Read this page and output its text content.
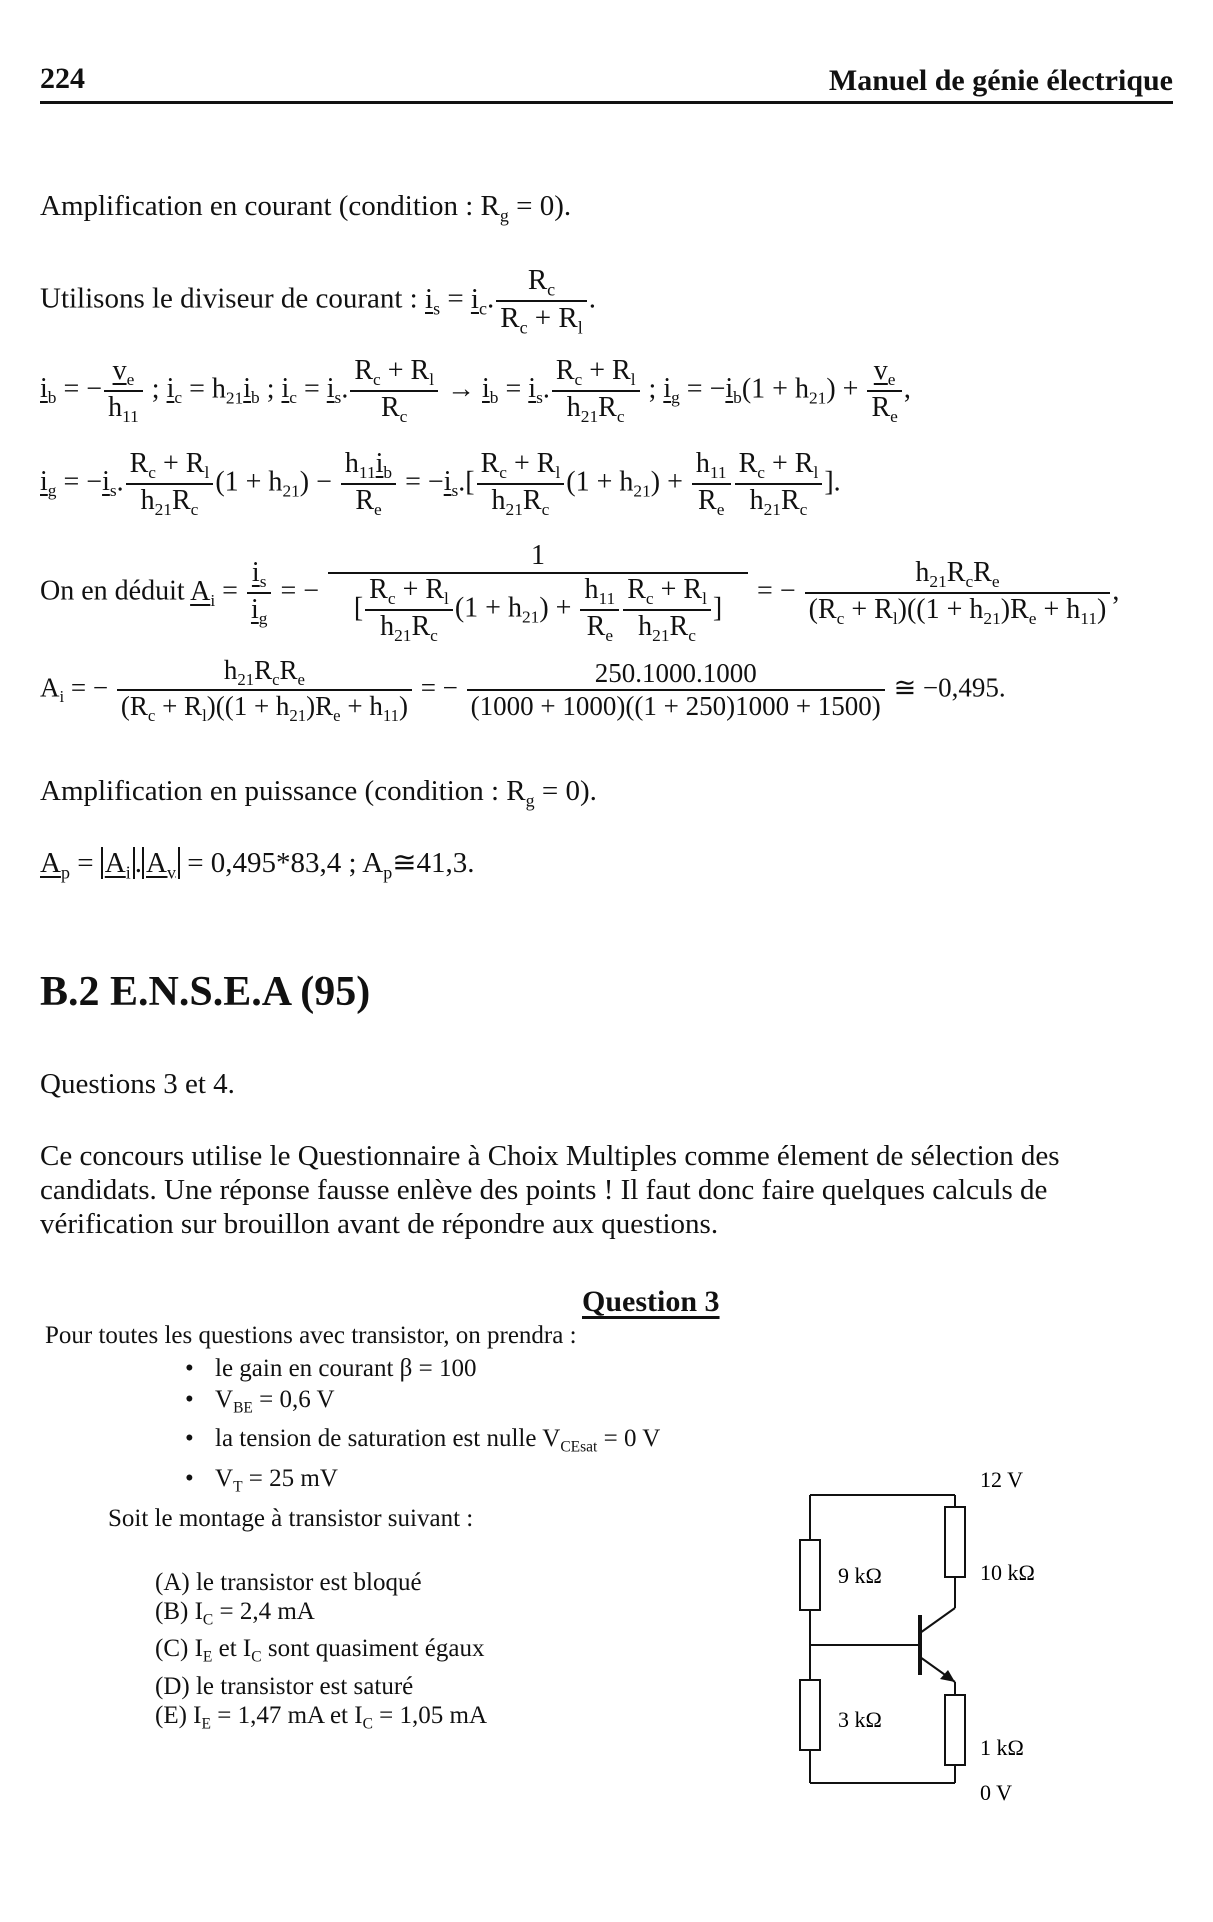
224	Manuel de génie électrique
Amplification en courant (condition : $R_g = 0$).
Utilisons le diviseur de courant : $i_s = i_c$. $\frac{R_c}{R_c + R_l}$ .
$i_b$ = − $\frac{v_e}{h_{11}}$ ; $i_c = h_{21}i_b$ ; $i_c = i_s$. $\frac{R_c + R_l}{R_c} \to i_b = i_s$. $\frac{R_c + R_l}{h_{21}R_c}$ ; $i_g = -i_b(1 + h_{21}) + \frac{v_e}{R_e}$ ,
$i_g = -i_s$. $\frac{R_c + R_l}{h_{21}R_c} (1 + h_{21}) - \frac{h_{11}i_b}{R_e} = -i_s.[ \frac{R_c + R_l}{h_{21}R_c} (1 + h_{21}) + \frac{h_{11}}{R_e} \frac{R_c + R_l}{h_{21}R_c}$ ].
On en déduit $A_i = \frac{i_s}{i_g}$ = − $\frac{1}{[ \frac{R_c + R_l}{h_{21}R_c} (1 + h_{21}) + \frac{h_{11}}{R_e} \frac{R_c + R_l}{h_{21}R_c} ]}$ = − $\frac{h_{21}R_cR_e}{(R_c + R_l)((1 + h_{21})R_e + h_{11})}$ ,
$A_i$ = − $\frac{h_{21}R_cR_e}{(R_c + R_l)((1 + h_{21})R_e + h_{11})}$ = − $\frac{250.1000.1000}{(1000 + 1000)((1 + 250)1000 + 1500)}$ ≅ −0,495.
Amplification en puissance (condition : $R_g = 0$).
$A_p = A_i$ . $A_v = 0,495*83,4$ ; $A_p≅41,3$.
B.2 E.N.S.E.A (95)
Questions 3 et 4.
Ce concours utilise le Questionnaire à Choix Multiples comme élement de sélection des
candidats. Une réponse fausse enlève des points ! Il faut donc faire quelques calculs de
vérification sur brouillon avant de répondre aux questions.
Question 3
Pour toutes les questions avec transistor, on prendra :
• le gain en courant β = 100
• $V_{BE} = 0,6$ V
• la tension de saturation est nulle $V_{CEsat} = 0$ V
• $V_T = 25$ mV
Soit le montage à transistor suivant :
(A) le transistor est bloqué
(B) $I_C = 2,4$ mA
(C) $I_E$ et $I_C$ sont quasiment égaux
(D) le transistor est saturé
(E) $I_E = 1,47$ mA et $I_C = 1,05$ mA
12 V
0 V
9 kΩ
3 kΩ
10 kΩ
1 kΩ
